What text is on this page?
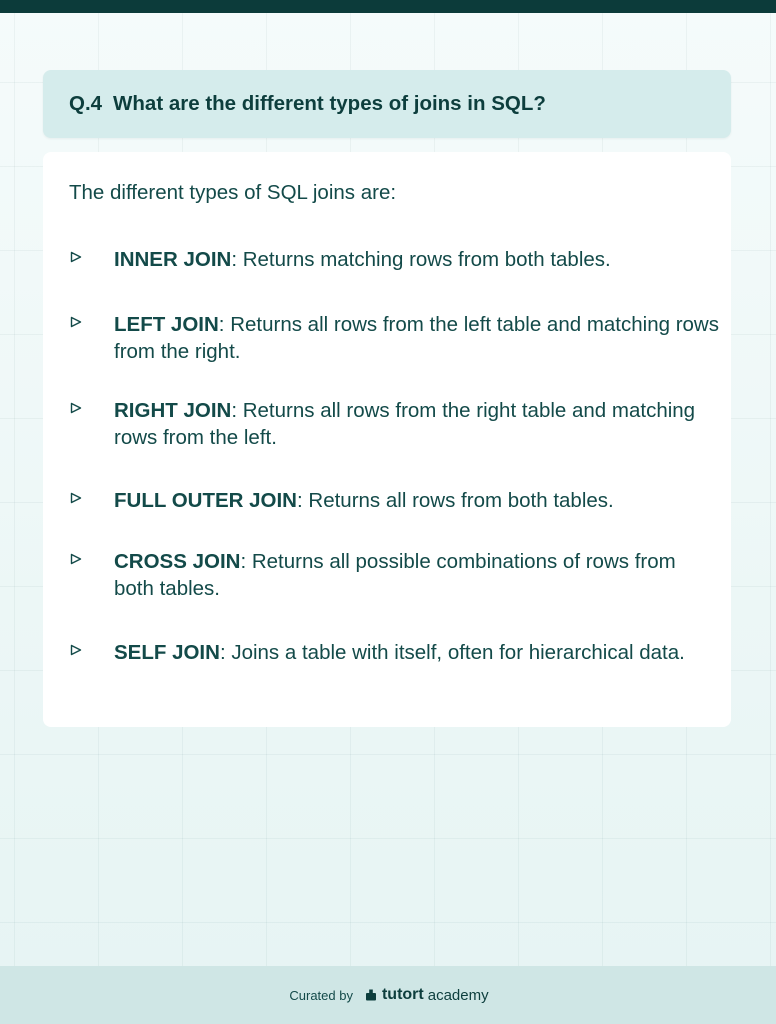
Q.4 What are the different types of joins in SQL?

The different types of SQL joins are:

INNER JOIN: Returns matching rows from both tables.
LEFT JOIN: Returns all rows from the left table and matching rows from the right.
RIGHT JOIN: Returns all rows from the right table and matching rows from the left.
FULL OUTER JOIN: Returns all rows from both tables.
CROSS JOIN: Returns all possible combinations of rows from both tables.
SELF JOIN: Joins a table with itself, often for hierarchical data.
Curated by tutort academy
